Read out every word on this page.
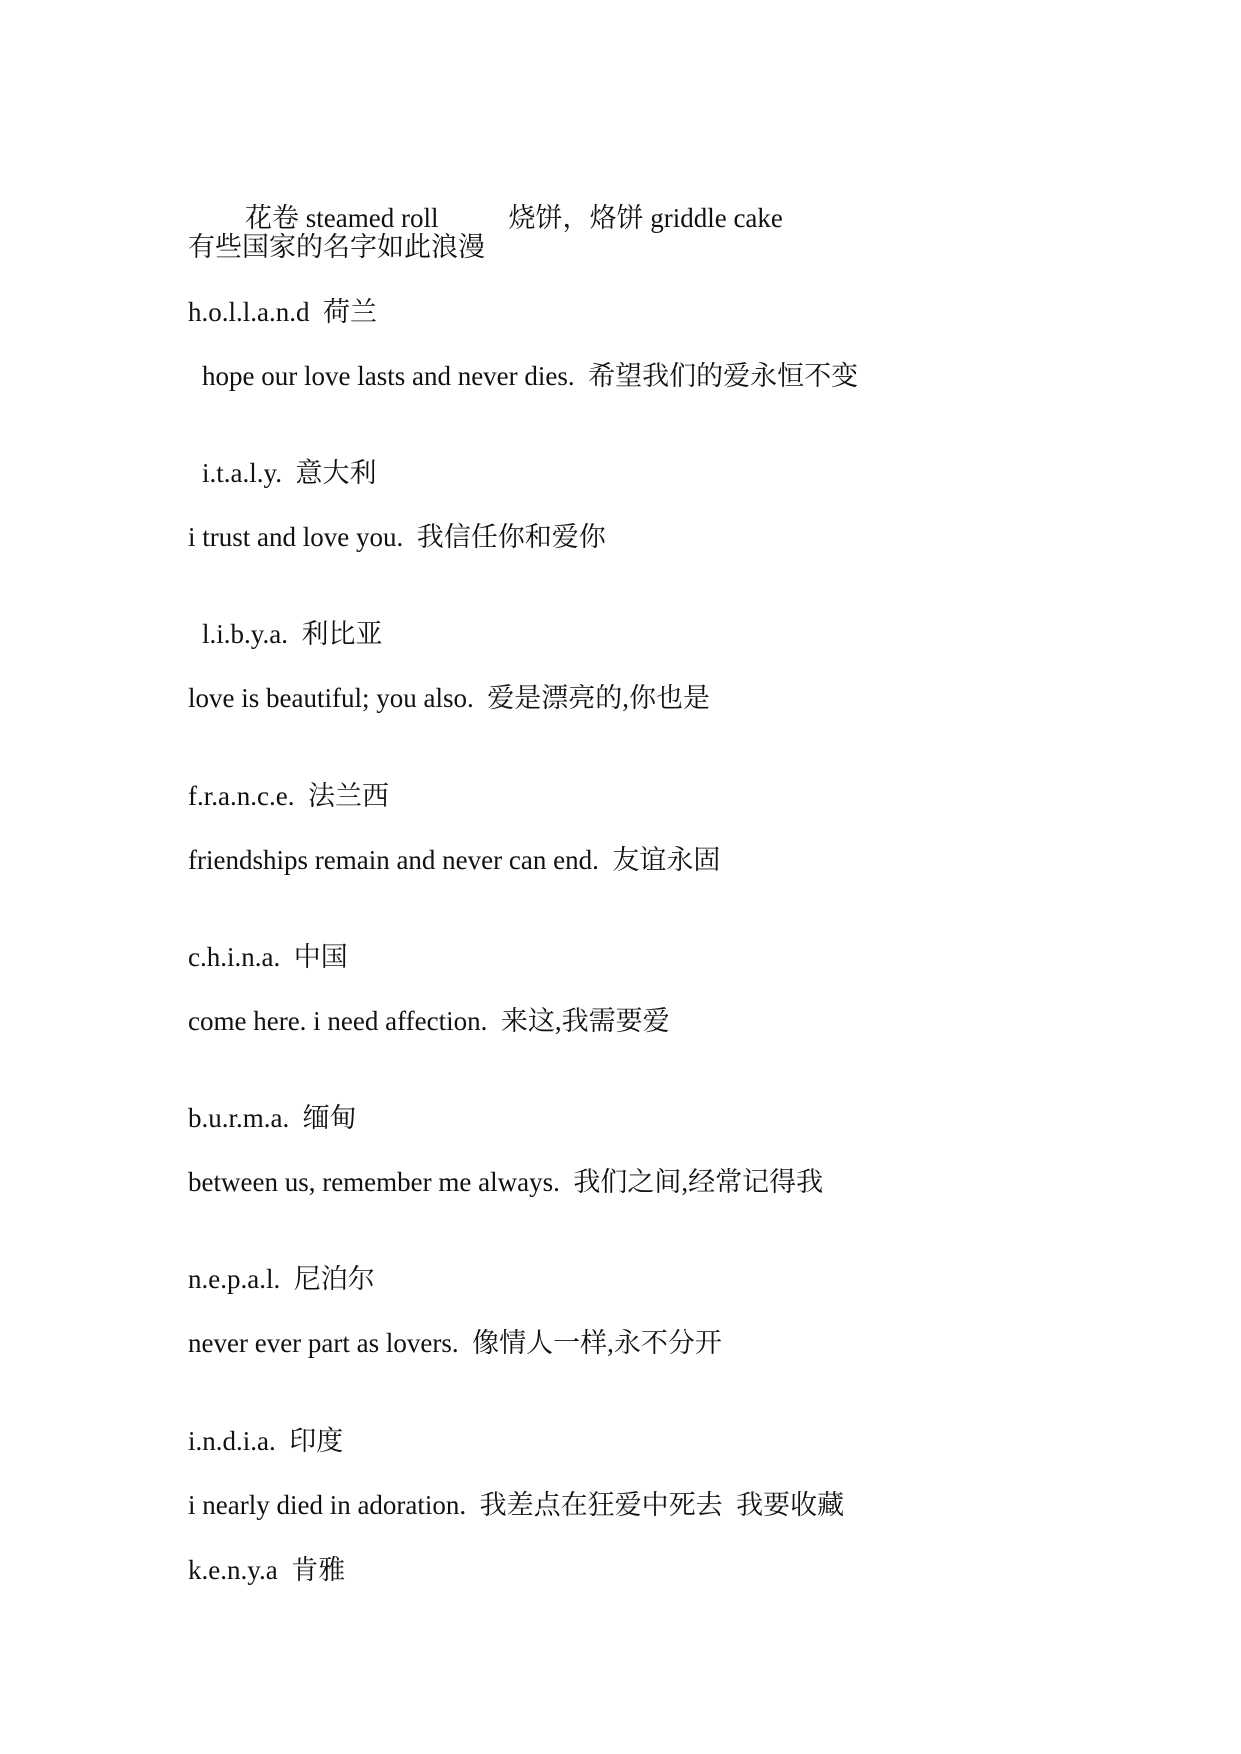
花卷 steamed roll	烧饼，烙饼 griddle cake

有些国家的名字如此浪漫
h.o.l.l.a.n.d  荷兰
hope our love lasts and never dies.  希望我们的爱永恒不变
i.t.a.l.y.  意大利
i trust and love you.  我信任你和爱你
l.i.b.y.a.  利比亚
love is beautiful; you also.  爱是漂亮的,你也是
f.r.a.n.c.e.  法兰西
friendships remain and never can end.  友谊永固
c.h.i.n.a.  中国
come here. i need affection.  来这,我需要爱
b.u.r.m.a.  缅甸
between us, remember me always.  我们之间,经常记得我
n.e.p.a.l.  尼泊尔
never ever part as lovers.  像情人一样,永不分开
i.n.d.i.a.  印度
i nearly died in adoration.  我差点在狂爱中死去  我要收藏
k.e.n.y.a  肯雅
